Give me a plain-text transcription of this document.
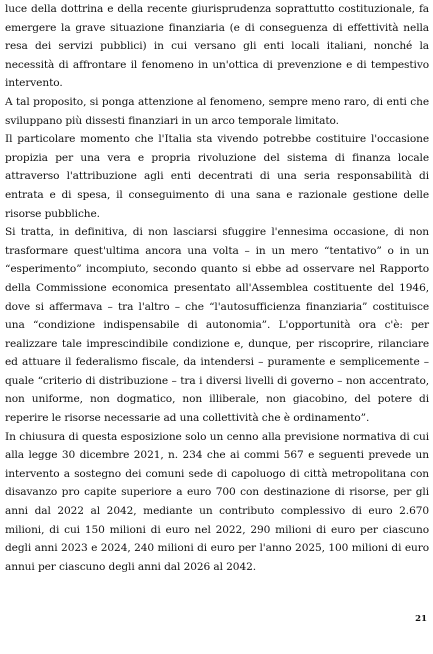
luce della dottrina e della recente giurisprudenza soprattutto costituzionale, fa emergere la grave situazione finanziaria (e di conseguenza di effettività nella resa dei servizi pubblici) in cui versano gli enti locali italiani, nonché la necessità di affrontare il fenomeno in un'ottica di prevenzione e di tempestivo intervento.

A tal proposito, si ponga attenzione al fenomeno, sempre meno raro, di enti che sviluppano più dissesti finanziari in un arco temporale limitato.

Il particolare momento che l'Italia sta vivendo potrebbe costituire l'occasione propizia per una vera e propria rivoluzione del sistema di finanza locale attraverso l'attribuzione agli enti decentrati di una seria responsabilità di entrata e di spesa, il conseguimento di una sana e razionale gestione delle risorse pubbliche.

Si tratta, in definitiva, di non lasciarsi sfuggire l'ennesima occasione, di non trasformare quest'ultima ancora una volta – in un mero “tentativo” o in un “esperimento” incompiuto, secondo quanto si ebbe ad osservare nel Rapporto della Commissione economica presentato all'Assemblea costituente del 1946, dove si affermava – tra l'altro – che “l'autosufficienza finanziaria” costituisce una “condizione indispensabile di autonomia”. L'opportunità ora c'è: per realizzare tale imprescindibile condizione e, dunque, per riscoprire, rilanciare ed attuare il federalismo fiscale, da intendersi – puramente e semplicemente – quale “criterio di distribuzione – tra i diversi livelli di governo – non accentrato, non uniforme, non dogmatico, non illiberale, non giacobino, del potere di reperire le risorse necessarie ad una collettività che è ordinamento”.

In chiusura di questa esposizione solo un cenno alla previsione normativa di cui alla legge 30 dicembre 2021, n. 234 che ai commi 567 e seguenti prevede un intervento a sostegno dei comuni sede di capoluogo di città metropolitana con disavanzo pro capite superiore a euro 700 con destinazione di risorse, per gli anni dal 2022 al 2042, mediante un contributo complessivo di euro 2.670 milioni, di cui 150 milioni di euro nel 2022, 290 milioni di euro per ciascuno degli anni 2023 e 2024, 240 milioni di euro per l'anno 2025, 100 milioni di euro annui per ciascuno degli anni dal 2026 al 2042.

21
